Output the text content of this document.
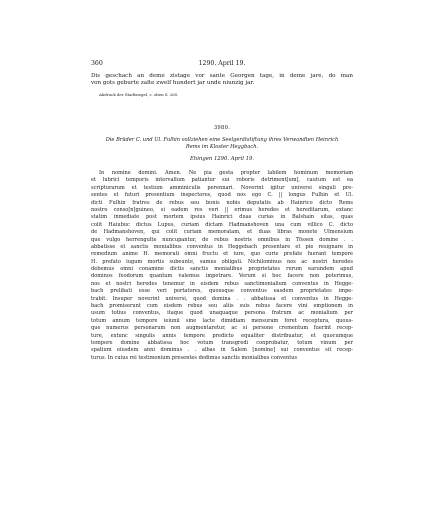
360	1290. April 19.

Dis geschach an deme zistage vor sante Georgen tage, in deme jare, do man

von gots geburte zalte zwelf hundert jar unde niunzig jar.

Abdruck der Stadtsiegel, s. oben S. 265.
3980.
Die Brüder C. und Ul. Fulhin vollziehen eine Seelgerätstiftung ihres Verwandten Heinrich
Rems im Kloster Heggbach.
Ehingen 1290. April 19.
In nomine domini. Amen. Ne pia gesta propter labilem hominum memoriam
et lubrici temporis intervallum patiantur sui roboris detriment[um], cautum est ea
scripturarum et testium amminiculis perennari. Noverint igitur universi singuli pre-
sentes et futuri presentium inspectores, quod nos ego C. || longus Fulhin et Ul.
dicti Fulhin fratres de rebus seu bonis nobis deputatis ab Hainrico dicto Rems
nostro conso[n]guineo, si eadem res veri || erimus heredes et hereditarum, extanc
statim inmediate post mortem ipsius Hainrici duas curias in Balshain sitas, quas
colit Haiubuc dictus Lupus, curiam dictam Hadmanshoven una cum villico C. dicto
de Hadmanshoven, qui colit curiam memoratam, et duas libras monete Ulmensium
que vulgo herrengulte nuncupantur, de rebus nostris omnibus in Tössen domine . .
abbatisse et sanctis monialibus conventus in Heggebach presentare et pie resignare in
remedium anime H. memorati omni fructu et iure, quo curie prefate fuerant tempore
H. prefato iugum mortis subeunte, sumus obligati. Nichilominus nos ac nostri heredes
debemus omni conamine dictis sanctis monialibus proprietates rerum earundem apud
dominos feodorum quantum valemus impetrare. Verum si hoc facere non poterimus,
nos et nostri heredes tenemur in eisdem rebus sanctimonialium conventus in Hegge-
bach prelibati esse veri portatores, quousque conventus easdem proprietates impe-
trabit. Insuper noverint universi, quod domina . . abbatissa et conventus in Hegge-
bach promiserunt cum eisdem rebus seu aliis suis rebus facere vini emptionem in
usum totius conventus, itaque quod unaquaque persona fratrum ac monialium per
totum annum tempore ieiunii sine lacte dimidiam mensuram foret receptura, quous-
que numerus personarum non augmentaretur, ac si persone crementum fuerint recep-
ture, extunc singulis annis tempore predicto equaliter distribuatur, et quocumque
tempore domine abbatissa hoc votum transgredi conprobatur, totum vinum per
spatium eiusdem anni dominus . . albas in Salem [nomine] sui conventus sit recep-
turus. In cuius rei testimonium presentes dedimus sanctis monialibus conventus
